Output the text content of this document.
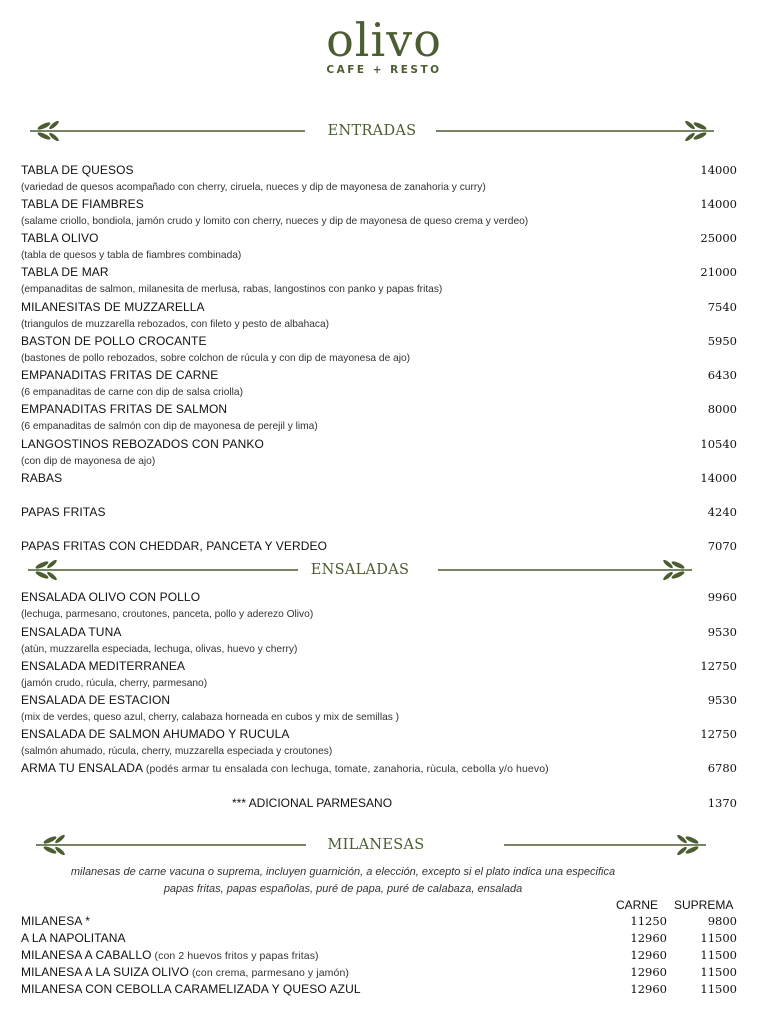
olivo
CAFE + RESTO
ENTRADAS
TABLA DE QUESOS	14000
(variedad de quesos acompañado con cherry, ciruela, nueces y dip de mayonesa de zanahoria y curry)
TABLA DE FIAMBRES	14000
(salame criollo, bondiola, jamón crudo y lomito con cherry, nueces y dip de mayonesa de queso crema y verdeo)
TABLA OLIVO	25000
(tabla de quesos y tabla de fiambres combinada)
TABLA DE MAR	21000
(empanaditas de salmon, milanesita de merlusa, rabas, langostinos con panko y papas fritas)
MILANESITAS DE MUZZARELLA	7540
(triangulos de muzzarella rebozados, con fileto y pesto de albahaca)
BASTON DE POLLO CROCANTE	5950
(bastones de pollo rebozados, sobre colchon de rúcula y con dip de mayonesa de ajo)
EMPANADITAS FRITAS DE CARNE	6430
(6 empanaditas de carne con dip de salsa criolla)
EMPANADITAS FRITAS DE SALMON	8000
(6 empanaditas de salmón con dip de mayonesa de perejil y lima)
LANGOSTINOS REBOZADOS CON PANKO	10540
(con dip de mayonesa de ajo)
RABAS	14000
PAPAS FRITAS	4240
PAPAS FRITAS CON CHEDDAR, PANCETA Y VERDEO	7070
ENSALADAS
ENSALADA OLIVO CON POLLO	9960
(lechuga, parmesano, croutones, panceta, pollo y aderezo Olivo)
ENSALADA TUNA	9530
(atùn, muzzarella especiada, lechuga, olivas, huevo y cherry)
ENSALADA MEDITERRANEA	12750
(jamón crudo, rúcula, cherry, parmesano)
ENSALADA DE ESTACION	9530
(mix de verdes, queso azul, cherry, calabaza horneada en cubos y mix de semillas )
ENSALADA DE SALMON AHUMADO Y RUCULA	12750
(salmón ahumado, rúcula, cherry, muzzarella especiada y croutones)
ARMA TU ENSALADA (podés armar tu ensalada con lechuga, tomate, zanahoria, rùcula, cebolla y/o huevo)	6780
*** ADICIONAL PARMESANO	1370
MILANESAS
milanesas de carne vacuna o suprema, incluyen guarnición, a elección, excepto si el plato indica una especifica
papas fritas, papas españolas, puré de papa, puré de calabaza, ensalada
CARNE SUPREMA
MILANESA *	11250	9800
A LA NAPOLITANA	12960	11500
MILANESA A CABALLO (con 2 huevos fritos y papas fritas)	12960	11500
MILANESA A LA SUIZA OLIVO (con crema, parmesano y jamón)	12960	11500
MILANESA CON CEBOLLA CARAMELIZADA Y QUESO AZUL	12960	11500
